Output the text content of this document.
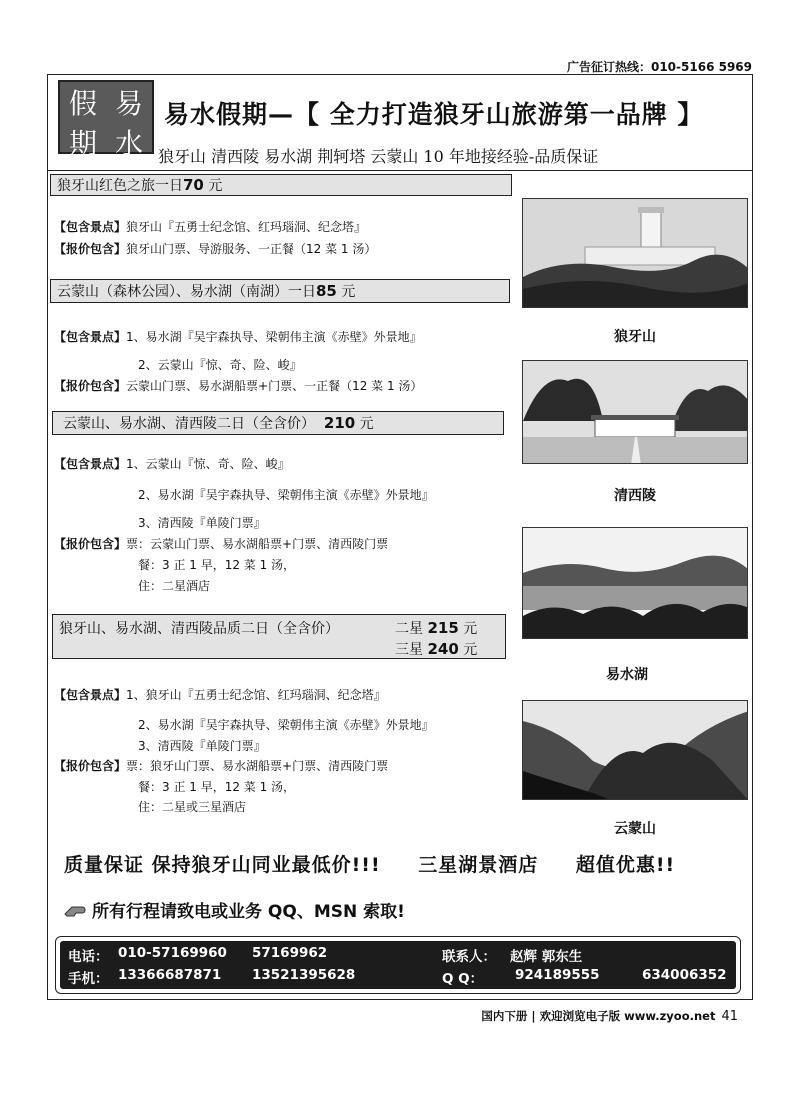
广告征订热线：010-5166 5969
假 易
期 水
易水假期—【 全力打造狼牙山旅游第一品牌 】
狼牙山 清西陵 易水湖 荆轲塔 云蒙山 10 年地接经验-品质保证
狼牙山红色之旅一日70 元
【包含景点】狼牙山『五勇士纪念馆、红玛瑙洞、纪念塔』
【报价包含】狼牙山门票、导游服务、一正餐（12 菜 1 汤）
云蒙山（森林公园）、易水湖（南湖）一日85 元
【包含景点】1、易水湖『吴宇森执导、梁朝伟主演《赤壁》外景地』
2、云蒙山『惊、奇、险、峻』
【报价包含】云蒙山门票、易水湖船票+门票、一正餐（12 菜 1 汤）
云蒙山、易水湖、清西陵二日（全含价） 210 元
【包含景点】1、云蒙山『惊、奇、险、峻』
2、易水湖『吴宇森执导、梁朝伟主演《赤壁》外景地』
3、清西陵『单陵门票』
【报价包含】票：云蒙山门票、易水湖船票+门票、清西陵门票
餐：3 正 1 早，12 菜 1 汤，
住：二星酒店
狼牙山、易水湖、清西陵品质二日（全含价）	二星 215 元
三星 240 元
【包含景点】1、狼牙山『五勇士纪念馆、红玛瑙洞、纪念塔』
2、易水湖『吴宇森执导、梁朝伟主演《赤壁》外景地』
3、清西陵『单陵门票』
【报价包含】票：狼牙山门票、易水湖船票+门票、清西陵门票
餐：3 正 1 早，12 菜 1 汤，
住：二星或三星酒店
狼牙山
清西陵
易水湖
云蒙山
质量保证 保持狼牙山同业最低价!!! 三星湖景酒店 超值优惠!!
所有行程请致电或业务 QQ、MSN 索取!
电话： 010-57169960 57169962	联系人： 赵辉 郭东生
手机： 13366687871 13521395628	Q Q： 924189555	634006352
国内下册 | 欢迎浏览电子版 www.zyoo.net 41
